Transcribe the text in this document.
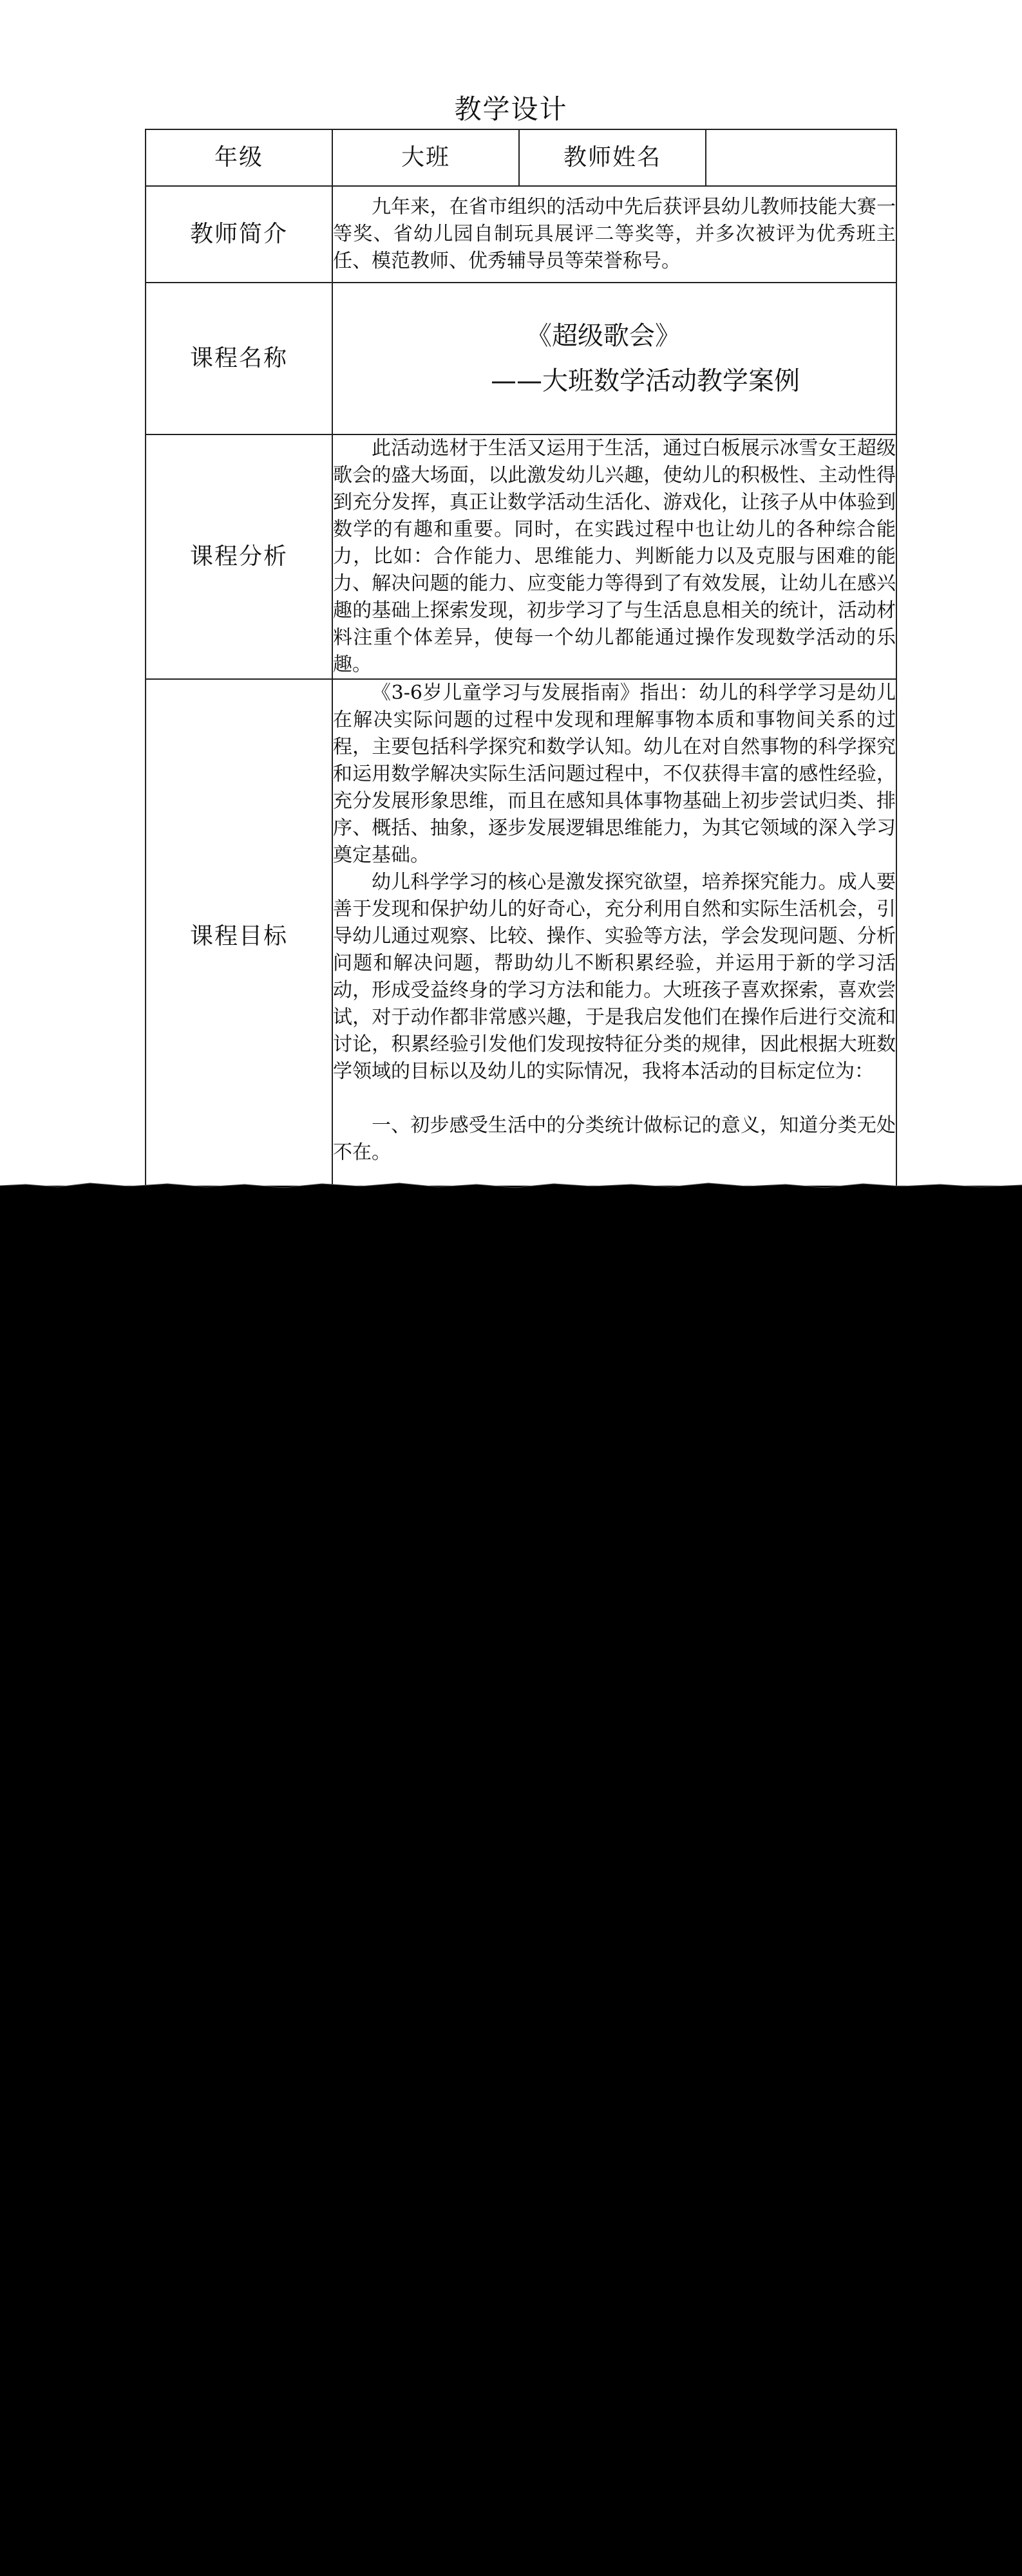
教学设计
年级	大班	教师姓名	
教师简介	九年来，在省市组织的活动中先后获评县幼儿教师技能大赛一等奖、省幼儿园自制玩具展评二等奖等，并多次被评为优秀班主任、模范教师、优秀辅导员等荣誉称号。		

课程名称	《超级歌会》
——大班数学活动教学案例		

课程分析	此活动选材于生活又运用于生活，通过白板展示冰雪女王超级歌会的盛大场面，以此激发幼儿兴趣，使幼儿的积极性、主动性得到充分发挥，真正让数学活动生活化、游戏化，让孩子从中体验到数学的有趣和重要。同时，在实践过程中也让幼儿的各种综合能力，比如：合作能力、思维能力、判断能力以及克服与困难的能力、解决问题的能力、应变能力等得到了有效发展，让幼儿在感兴趣的基础上探索发现，初步学习了与生活息息相关的统计，活动材料注重个体差异，使每一个幼儿都能通过操作发现数学活动的乐趣。		

课程目标	《3-6岁儿童学习与发展指南》指出：幼儿的科学学习是幼儿在解决实际问题的过程中发现和理解事物本质和事物间关系的过程，主要包括科学探究和数学认知。幼儿在对自然事物的科学探究和运用数学解决实际生活问题过程中，不仅获得丰富的感性经验，充分发展形象思维，而且在感知具体事物基础上初步尝试归类、排序、概括、抽象，逐步发展逻辑思维能力，为其它领域的深入学习奠定基础。

幼儿科学学习的核心是激发探究欲望，培养探究能力。成人要善于发现和保护幼儿的好奇心，充分利用自然和实际生活机会，引导幼儿通过观察、比较、操作、实验等方法，学会发现问题、分析问题和解决问题，帮助幼儿不断积累经验，并运用于新的学习活动，形成受益终身的学习方法和能力。大班孩子喜欢探索，喜欢尝试，对于动作都非常感兴趣，于是我启发他们在操作后进行交流和讨论，积累经验引发他们发现按特征分类的规律，因此根据大班数学领域的目标以及幼儿的实际情况，我将本活动的目标定位为：

一、初步感受生活中的分类统计做标记的意义，知道分类无处不在。		
